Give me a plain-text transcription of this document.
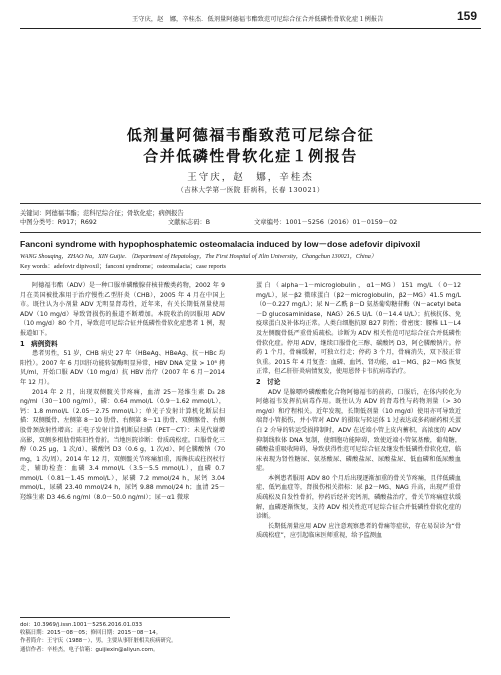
王守庆，赵　娜，辛桂杰．低剂量阿德福韦酯致范可尼综合征合并低磷性骨软化症１例报告	159
低剂量阿德福韦酯致范可尼综合征
合并低磷性骨软化症１例报告
王守庆，赵　娜，辛桂杰
（吉林大学第一医院 肝病科，长春 130021）
关键词：阿德福韦酯；范科尼综合征；骨软化症；病例报告
中图分类号：R917；R692	文献标志码：B	文章编号：1001－5256（2016）01－0159－02
Fanconi syndrome with hypophosphatemic osteomalacia induced by low－dose adefovir dipivoxil
WANG Shouqing，ZHAO Na，XIN Guijie．（Department of Hepatology，The First Hospital of Jilin University，Changchun 130021，China）
Key words：adefovir dipivoxil；fanconi syndrome；osteomalacia；case reports

阿德福韦酯（ADV）是一种口服单磷酸腺苷核苷酸类药物，2002 年 9 月在美国被批准用于治疗慢性乙型肝炎（CHB），2005 年 4 月在中国上市。既往认为小剂量 ADV 无明显肾毒性，近年来，有关长期低剂量使用 ADV（10 mg/d）导致肾损伤的报道不断增加。本院收治的因服用 ADV（10 mg/d）80 个月，导致范可尼综合征并低磷性骨软化症患者 1 例，现报道如下。

1　病例资料

患者男性，51 岁，CHB 病史 27 年（HBeAg、HBeAg、抗－HBc 均阳性）。2007 年 6 月因肝功能转氨酶明显异常，HBV DNA 定量 > 10⁸ 拷贝/ml，开始口服 ADV（10 mg/d）抗 HBV 治疗（2007 年 6 月－2014 年 12 月）。

2014 年 2 月，出现双侧髋关节疼痛，血清 25－羟维生素 D₃ 28 ng/ml（30－100 ng/ml），磷：0.64 mmol/L（0.9－1.62 mmol/L），钙：1.8 mmol/L（2.05－2.75 mmol/L）；单光子发射计算机化断层扫描：双侧骶骨、左侧第 8－10 肋骨、右侧第 8－11 肋骨、双侧髂骨、右侧股骨颈放射性增高；正电子发射计算机断层扫描（PET－CT）：未见代谢增高影，双侧多根肋骨陈旧性骨折。当地医院诊断：骨质疏松症。口服骨化三醇（0.25 μg，1 次/d）、碳酸钙 D3（0.6 g，1 次/d）、阿仑膦酸钠（70 mg，1 次/周）。2014 年 12 月，双侧髋关节疼痛加重，需搀扶或拄拐杖行走，辅助检查：血磷 3.4 mmol/L（3.5－5.5 mmol/L），血磷 0.7 mmol/L（0.81－1.45 mmol/L），尿磷 7.2 mmol/24 h，尿钙 3.04 mmol/L，尿磷 23.40 mmol/24 h，尿钙 9.88 mmol/24 h；血清 25－羟维生素 D3 46.6 ng/ml（8.0－50.0 ng/ml）；尿－α1 微球

蛋白（alpha－1－microglobulin，α1－MG）151 mg/L（0－12 mg/L），尿－β2 微球蛋白（β2－microglobulin，β2－MG）41.5 mg/L（0－0.227 mg/L）；尿 N－乙酰 β－D 氨基葡萄糖苷酶（N－acetyl beta－D glucosaminidase，NAG）26.5 U/L（0－14.4 U/L）；抗核抗体、免疫球蛋白及补体均正常。人类白细胞抗原 B27 阴性；骨密度：腰椎 L1－L4 及左侧髋骨低严重骨质疏松。诊断为 ADV 相关性范可尼综合征合并低磷性骨软化症。停用 ADV，继续口服骨化三醇、碳酸钙 D3，阿仑膦酸钠片。停药 1 个月，骨痛缓解，可独立行走；停药 3 个月，骨痛消失，双下肢正常负重。2015 年 4 月复查：血磷、血钙、肾功能，α1－MG、β2－MG 恢复正常，但乙肝肝炎病情复发，使用恩替卡韦抗病毒治疗。

2　讨论

ADV 是腺嘌呤磷酸酯化合物阿德福韦的前药，口服后，在体内转化为阿德福韦发挥抗病毒作用。既往认为 ADV 的肾毒性与药物剂量（> 30 mg/d）和疗程相关。近年发现，长期低剂量（10 mg/d）使用亦可导致近端肾小管损伤，并小管对 ADV 的摄取与转运体 1 过表达或多药耐药相关蛋白 2 介导的转运受损抑制时，ADV 在近端小管上皮内蓄积，高浓度的 ADV 抑制线粒体 DNA 复制，使细胞功能障碍，致使近端小管氨基酸，葡萄糖，磷酸盐重吸收障碍，导致获得性范可尼综合征及继发性低磷性骨软化症，临床表现为肾性糖尿、氨基酸尿、磷酸盐尿、尿酸盐尿、低血磷和低尿酸血症。

本例患者服用 ADV 80 个月后出现逐渐加重的骨关节疼痛，且伴低磷血症、低钙血症等，肾损伤相关指标：尿 β2－MG、NAG 升高，出现严重骨质疏松及自发性骨折，停药后经补充钙剂，磷酸盐治疗，骨关节疼痛症状缓解，血磷逐渐恢复，支持 ADV 相关性范可尼综合征合并低磷性骨软化症的诊断。

长期低剂量应用 ADV 应注意观察患者的骨痛等症状，存在易误诊为“骨质疏松症”，应引起临床医师重视，给予监测血

doi：10.3969/j.issn.1001－5256.2016.01.033
收稿日期：2015－08－05；修回日期：2015－08－14。
作者简介：王守庆（1988－），男，主要从事肝脏相关疾病研究。
通信作者：辛桂杰，电子信箱：guijiexin@aliyun.com。
